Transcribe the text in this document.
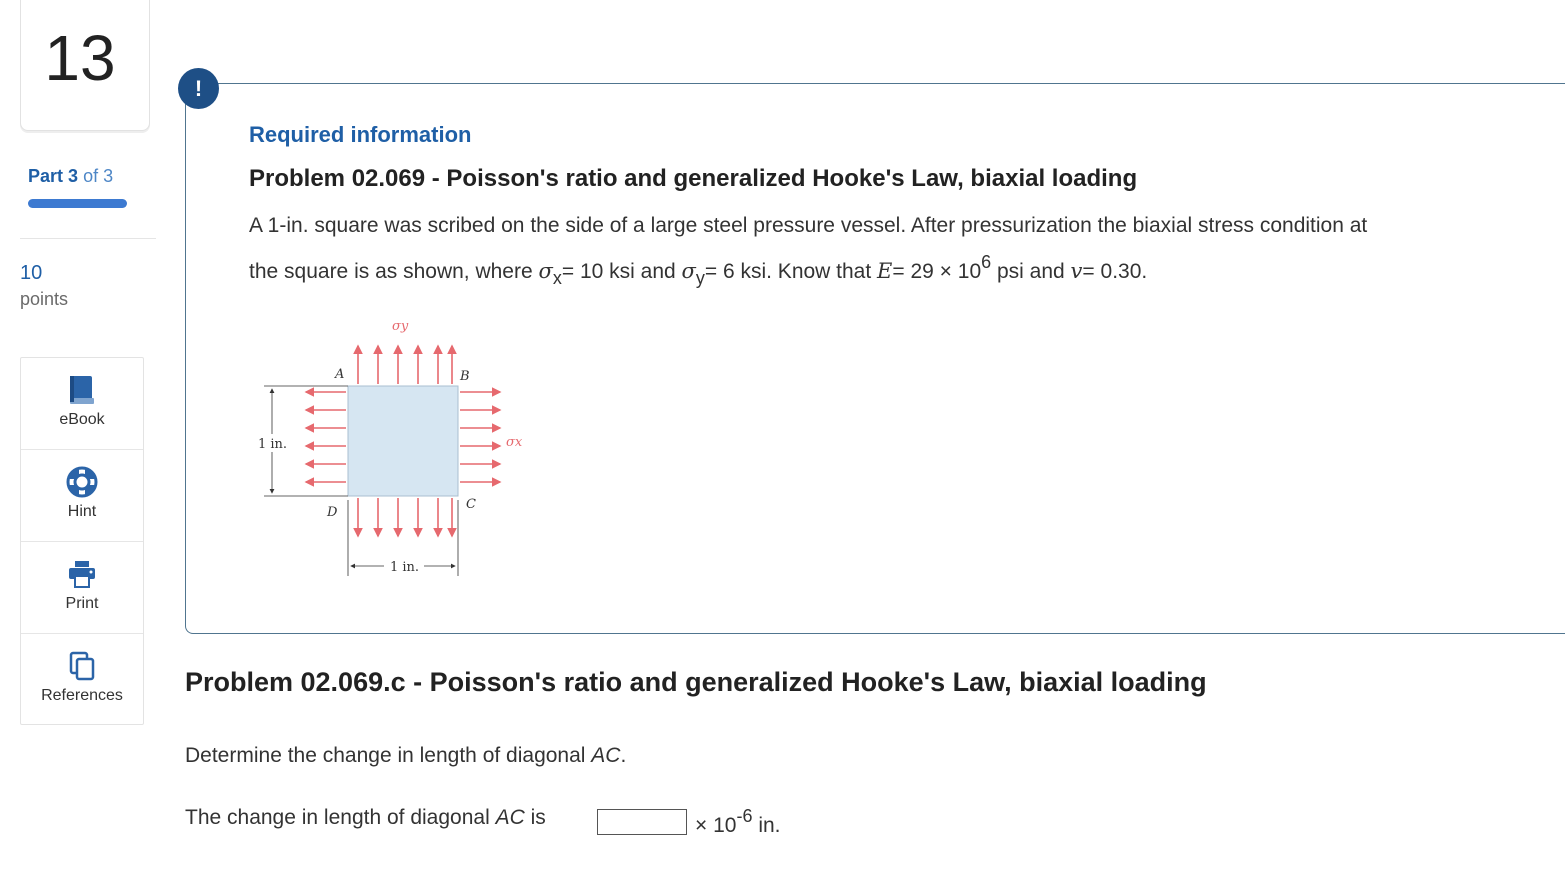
13
Part 3 of 3
10
points
eBook
Hint
Print
References
!
Required information
Problem 02.069 - Poisson's ratio and generalized Hooke's Law, biaxial loading
A 1-in. square was scribed on the side of a large steel pressure vessel. After pressurization the biaxial stress condition at
the square is as shown, where σx= 10 ksi and σy= 6 ksi. Know that E= 29 × 106 psi and v= 0.30.
1 in.
1 in.
A	B
C
D
σy
σx
Problem 02.069.c - Poisson's ratio and generalized Hooke's Law, biaxial loading
Determine the change in length of diagonal AC.
The change in length of diagonal AC is	× 10-6 in.
